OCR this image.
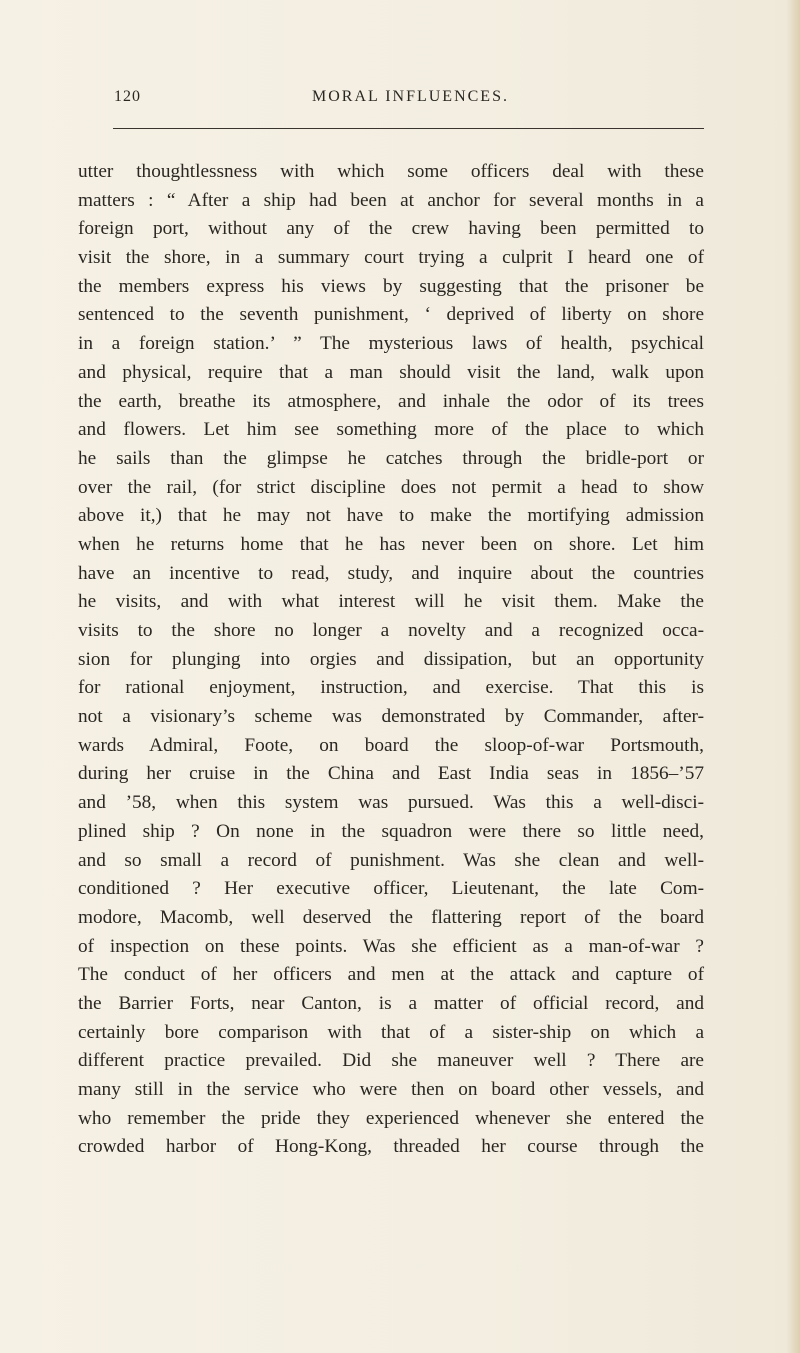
120	MORAL INFLUENCES.
utter thoughtlessness with which some officers deal with these
matters : “ After a ship had been at anchor for several months in a
foreign port, without any of the crew having been permitted to
visit the shore, in a summary court trying a culprit I heard one of
the members express his views by suggesting that the prisoner be
sentenced to the seventh punishment, ‘ deprived of liberty on shore
in a foreign station.’ ” The mysterious laws of health, psychical
and physical, require that a man should visit the land, walk upon
the earth, breathe its atmosphere, and inhale the odor of its trees
and flowers. Let him see something more of the place to which
he sails than the glimpse he catches through the bridle-port or
over the rail, (for strict discipline does not permit a head to show
above it,) that he may not have to make the mortifying admission
when he returns home that he has never been on shore. Let him
have an incentive to read, study, and inquire about the countries
he visits, and with what interest will he visit them. Make the
visits to the shore no longer a novelty and a recognized occa-
sion for plunging into orgies and dissipation, but an opportunity
for rational enjoyment, instruction, and exercise. That this is
not a visionary’s scheme was demonstrated by Commander, after-
wards Admiral, Foote, on board the sloop-of-war Portsmouth,
during her cruise in the China and East India seas in 1856–’57
and ’58, when this system was pursued. Was this a well-disci-
plined ship ? On none in the squadron were there so little need,
and so small a record of punishment. Was she clean and well-
conditioned ? Her executive officer, Lieutenant, the late Com-
modore, Macomb, well deserved the flattering report of the board
of inspection on these points. Was she efficient as a man-of-war ?
The conduct of her officers and men at the attack and capture of
the Barrier Forts, near Canton, is a matter of official record, and
certainly bore comparison with that of a sister-ship on which a
different practice prevailed. Did she maneuver well ? There are
many still in the service who were then on board other vessels, and
who remember the pride they experienced whenever she entered the
crowded harbor of Hong-Kong, threaded her course through the
